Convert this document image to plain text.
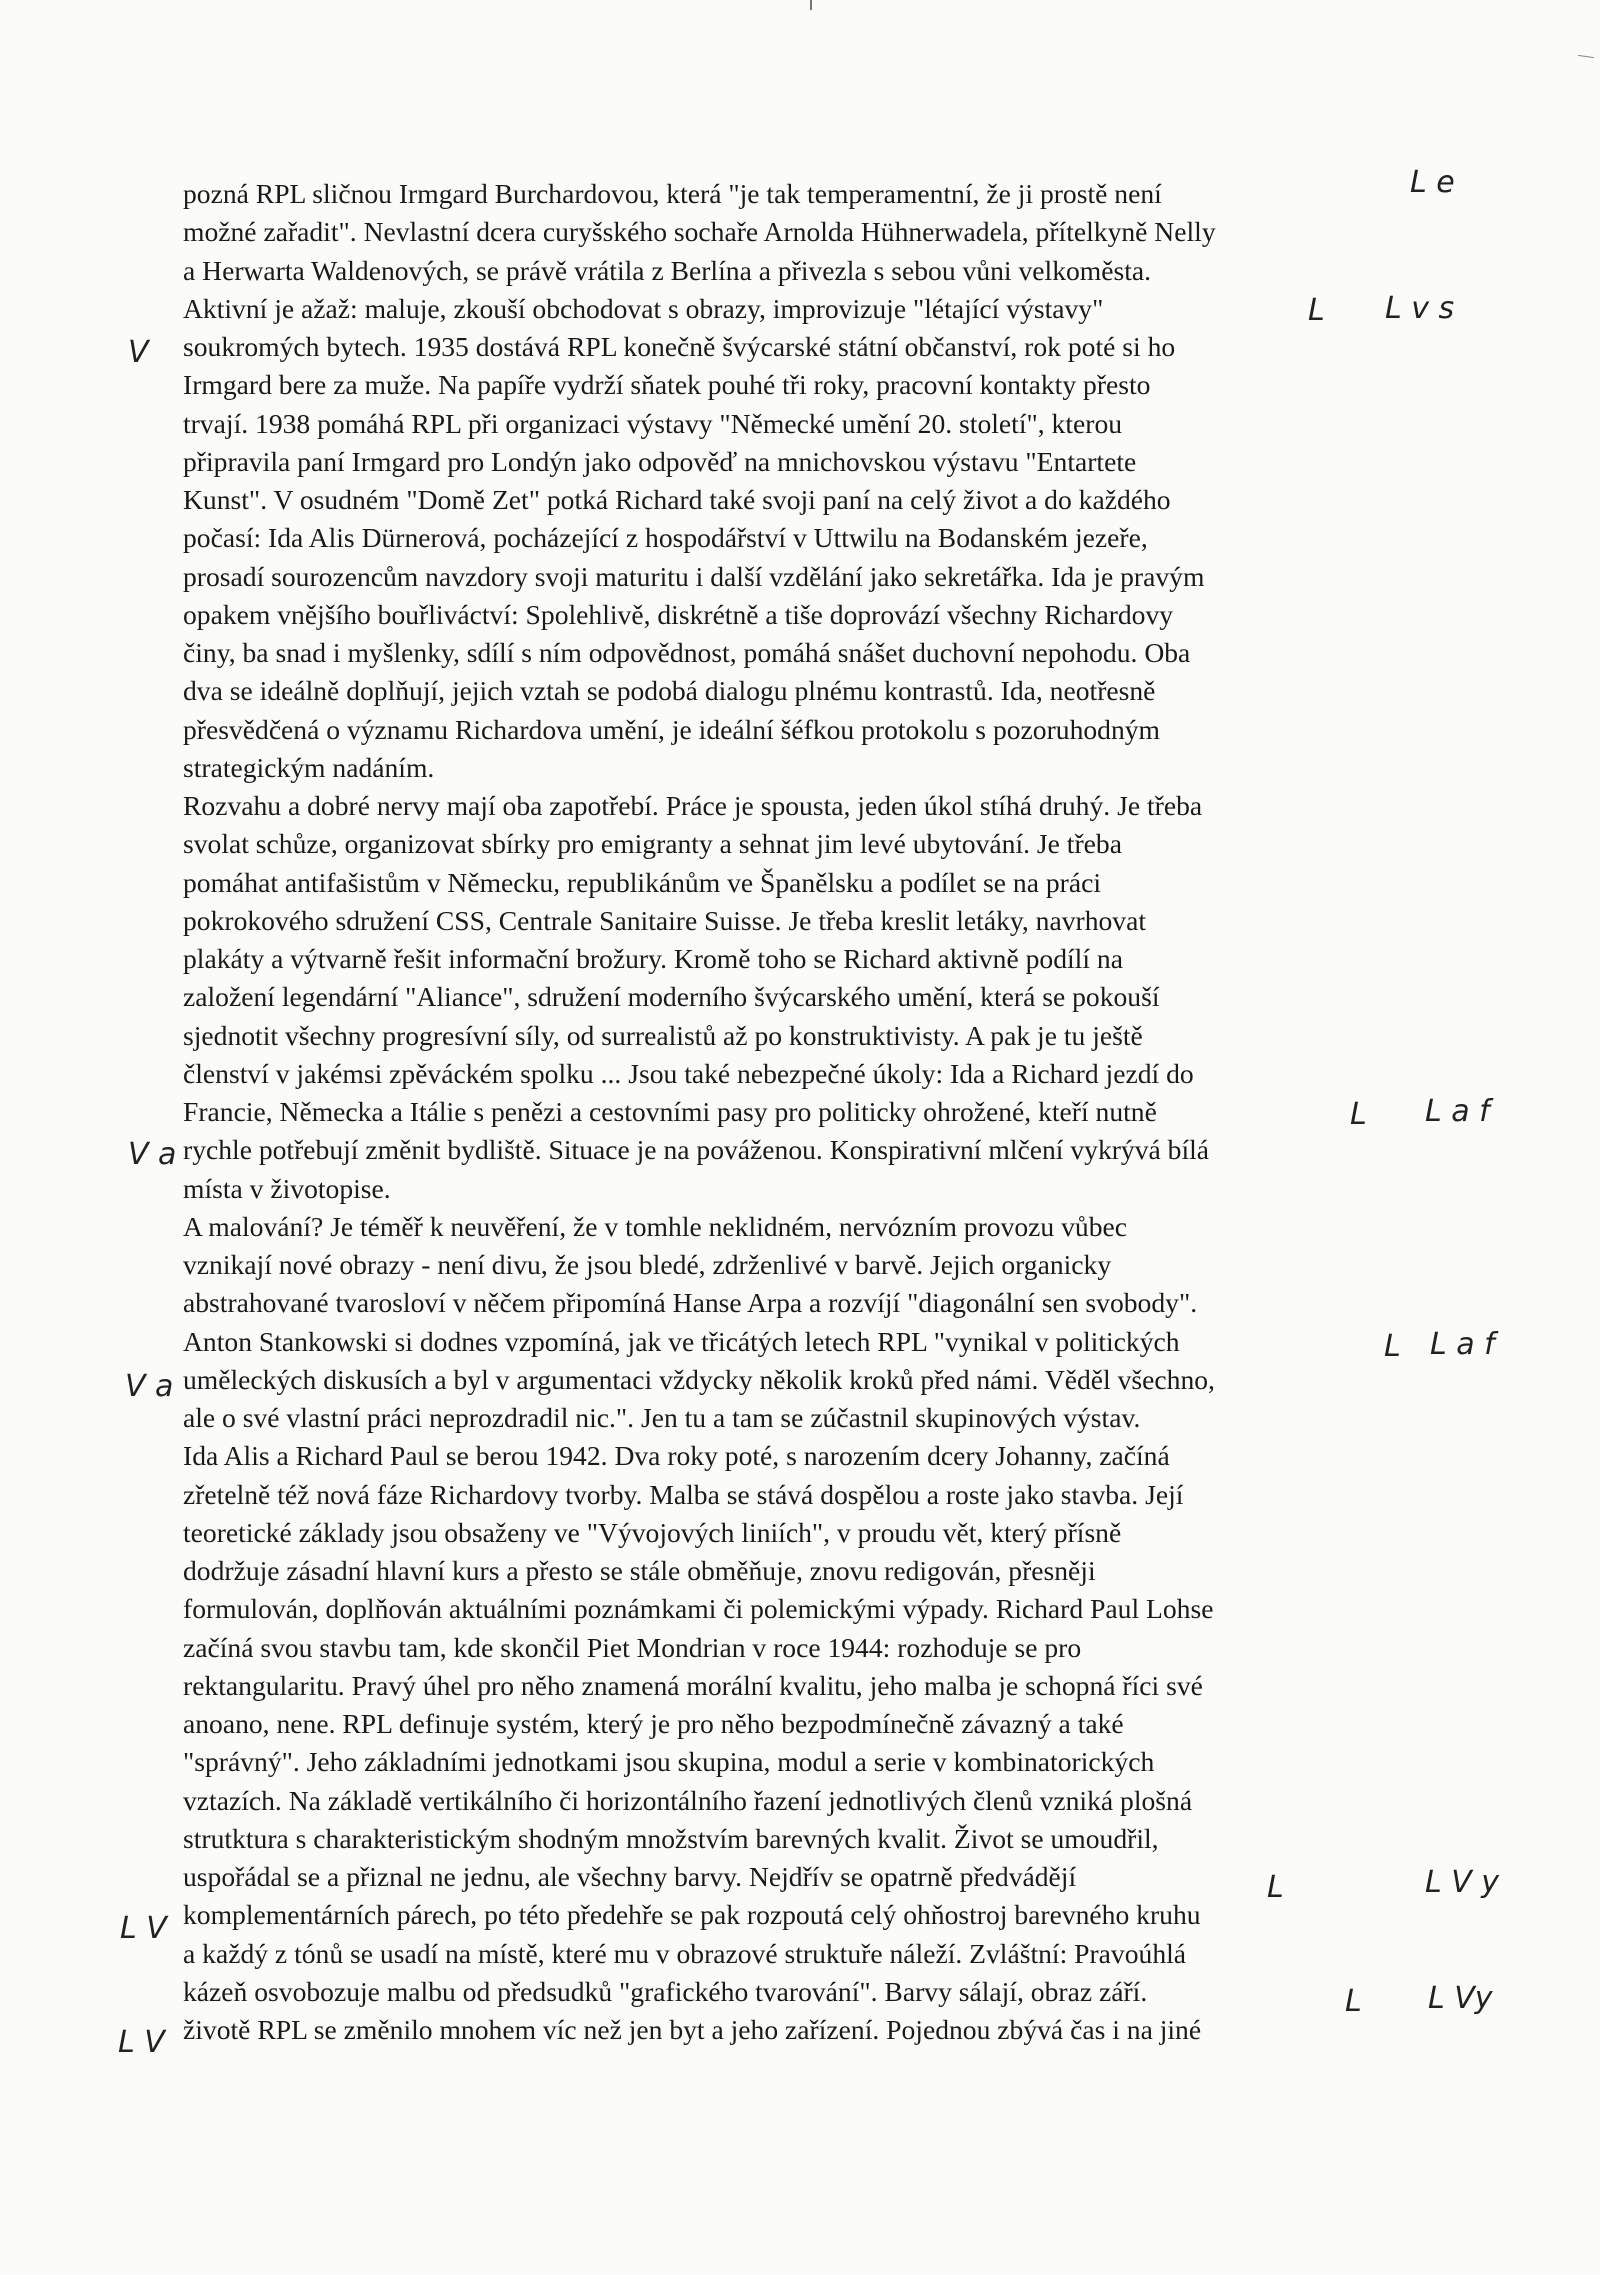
pozná RPL sličnou Irmgard Burchardovou, která "je tak temperamentní, že ji prostě není
možné zařadit". Nevlastní dcera curyšského sochaře Arnolda Hühnerwadela, přítelkyně Nelly
a Herwarta Waldenových, se právě vrátila z Berlína a přivezla s sebou vůni velkoměsta.
Aktivní je ažaž: maluje, zkouší obchodovat s obrazy, improvizuje "létající výstavy"
soukromých bytech. 1935 dostává RPL konečně švýcarské státní občanství, rok poté si ho
Irmgard bere za muže. Na papíře vydrží sňatek pouhé tři roky, pracovní kontakty přesto
trvají. 1938 pomáhá RPL při organizaci výstavy "Německé umění 20. století", kterou
připravila paní Irmgard pro Londýn jako odpověď na mnichovskou výstavu "Entartete
Kunst". V osudném "Domě Zet" potká Richard také svoji paní na celý život a do každého
počasí: Ida Alis Dürnerová, pocházející z hospodářství v Uttwilu na Bodanském jezeře,
prosadí sourozencům navzdory svoji maturitu i další vzdělání jako sekretářka. Ida je pravým
opakem vnějšího bouřliváctví: Spolehlivě, diskrétně a tiše doprovází všechny Richardovy
činy, ba snad i myšlenky, sdílí s ním odpovědnost, pomáhá snášet duchovní nepohodu. Oba
dva se ideálně doplňují, jejich vztah se podobá dialogu plnému kontrastů. Ida, neotřesně
přesvědčená o významu Richardova umění, je ideální šéfkou protokolu s pozoruhodným
strategickým nadáním.
Rozvahu a dobré nervy mají oba zapotřebí. Práce je spousta, jeden úkol stíhá druhý. Je třeba
svolat schůze, organizovat sbírky pro emigranty a sehnat jim levé ubytování. Je třeba
pomáhat antifašistům v Německu, republikánům ve Španělsku a podílet se na práci
pokrokového sdružení CSS, Centrale Sanitaire Suisse. Je třeba kreslit letáky, navrhovat
plakáty a výtvarně řešit informační brožury. Kromě toho se Richard aktivně podílí na
založení legendární "Aliance", sdružení moderního švýcarského umění, která se pokouší
sjednotit všechny progresívní síly, od surrealistů až po konstruktivisty. A pak je tu ještě
členství v jakémsi zpěváckém spolku ... Jsou také nebezpečné úkoly: Ida a Richard jezdí do
Francie, Německa a Itálie s penězi a cestovními pasy pro politicky ohrožené, kteří nutně
rychle potřebují změnit bydliště. Situace je na pováženou. Konspirativní mlčení vykrývá bílá
místa v životopise.
A malování? Je téměř k neuvěření, že v tomhle neklidném, nervózním provozu vůbec
vznikají nové obrazy - není divu, že jsou bledé, zdrženlivé v barvě. Jejich organicky
abstrahované tvarosloví v něčem připomíná Hanse Arpa a rozvíjí "diagonální sen svobody".
Anton Stankowski si dodnes vzpomíná, jak ve třicátých letech RPL "vynikal v politických
uměleckých diskusích a byl v argumentaci vždycky několik kroků před námi. Věděl všechno,
ale o své vlastní práci neprozdradil nic.". Jen tu a tam se zúčastnil skupinových výstav.
Ida Alis a Richard Paul se berou 1942. Dva roky poté, s narozením dcery Johanny, začíná
zřetelně též nová fáze Richardovy tvorby. Malba se stává dospělou a roste jako stavba. Její
teoretické základy jsou obsaženy ve "Vývojových liniích", v proudu vět, který přísně
dodržuje zásadní hlavní kurs a přesto se stále obměňuje, znovu redigován, přesněji
formulován, doplňován aktuálními poznámkami či polemickými výpady. Richard Paul Lohse
začíná svou stavbu tam, kde skončil Piet Mondrian v roce 1944: rozhoduje se pro
rektangularitu. Pravý úhel pro něho znamená morální kvalitu, jeho malba je schopná říci své
anoano, nene. RPL definuje systém, který je pro něho bezpodmínečně závazný a také
"správný". Jeho základními jednotkami jsou skupina, modul a serie v kombinatorických
vztazích. Na základě vertikálního či horizontálního řazení jednotlivých členů vzniká plošná
strutktura s charakteristickým shodným množstvím barevných kvalit. Život se umoudřil,
uspořádal se a přiznal ne jednu, ale všechny barvy. Nejdřív se opatrně předvádějí
komplementárních párech, po této předehře se pak rozpoutá celý ohňostroj barevného kruhu
a každý z tónů se usadí na místě, které mu v obrazové struktuře náleží. Zvláštní: Pravoúhlá
kázeň osvobozuje malbu od předsudků "grafického tvarování". Barvy sálají, obraz září.
životě RPL se změnilo mnohem víc než jen byt a jeho zařízení. Pojednou zbývá čas i na jiné
L e
L L v s
V
L L a f
V a
L L a f
V a
L	L V y
L V
L L Vy
L V
